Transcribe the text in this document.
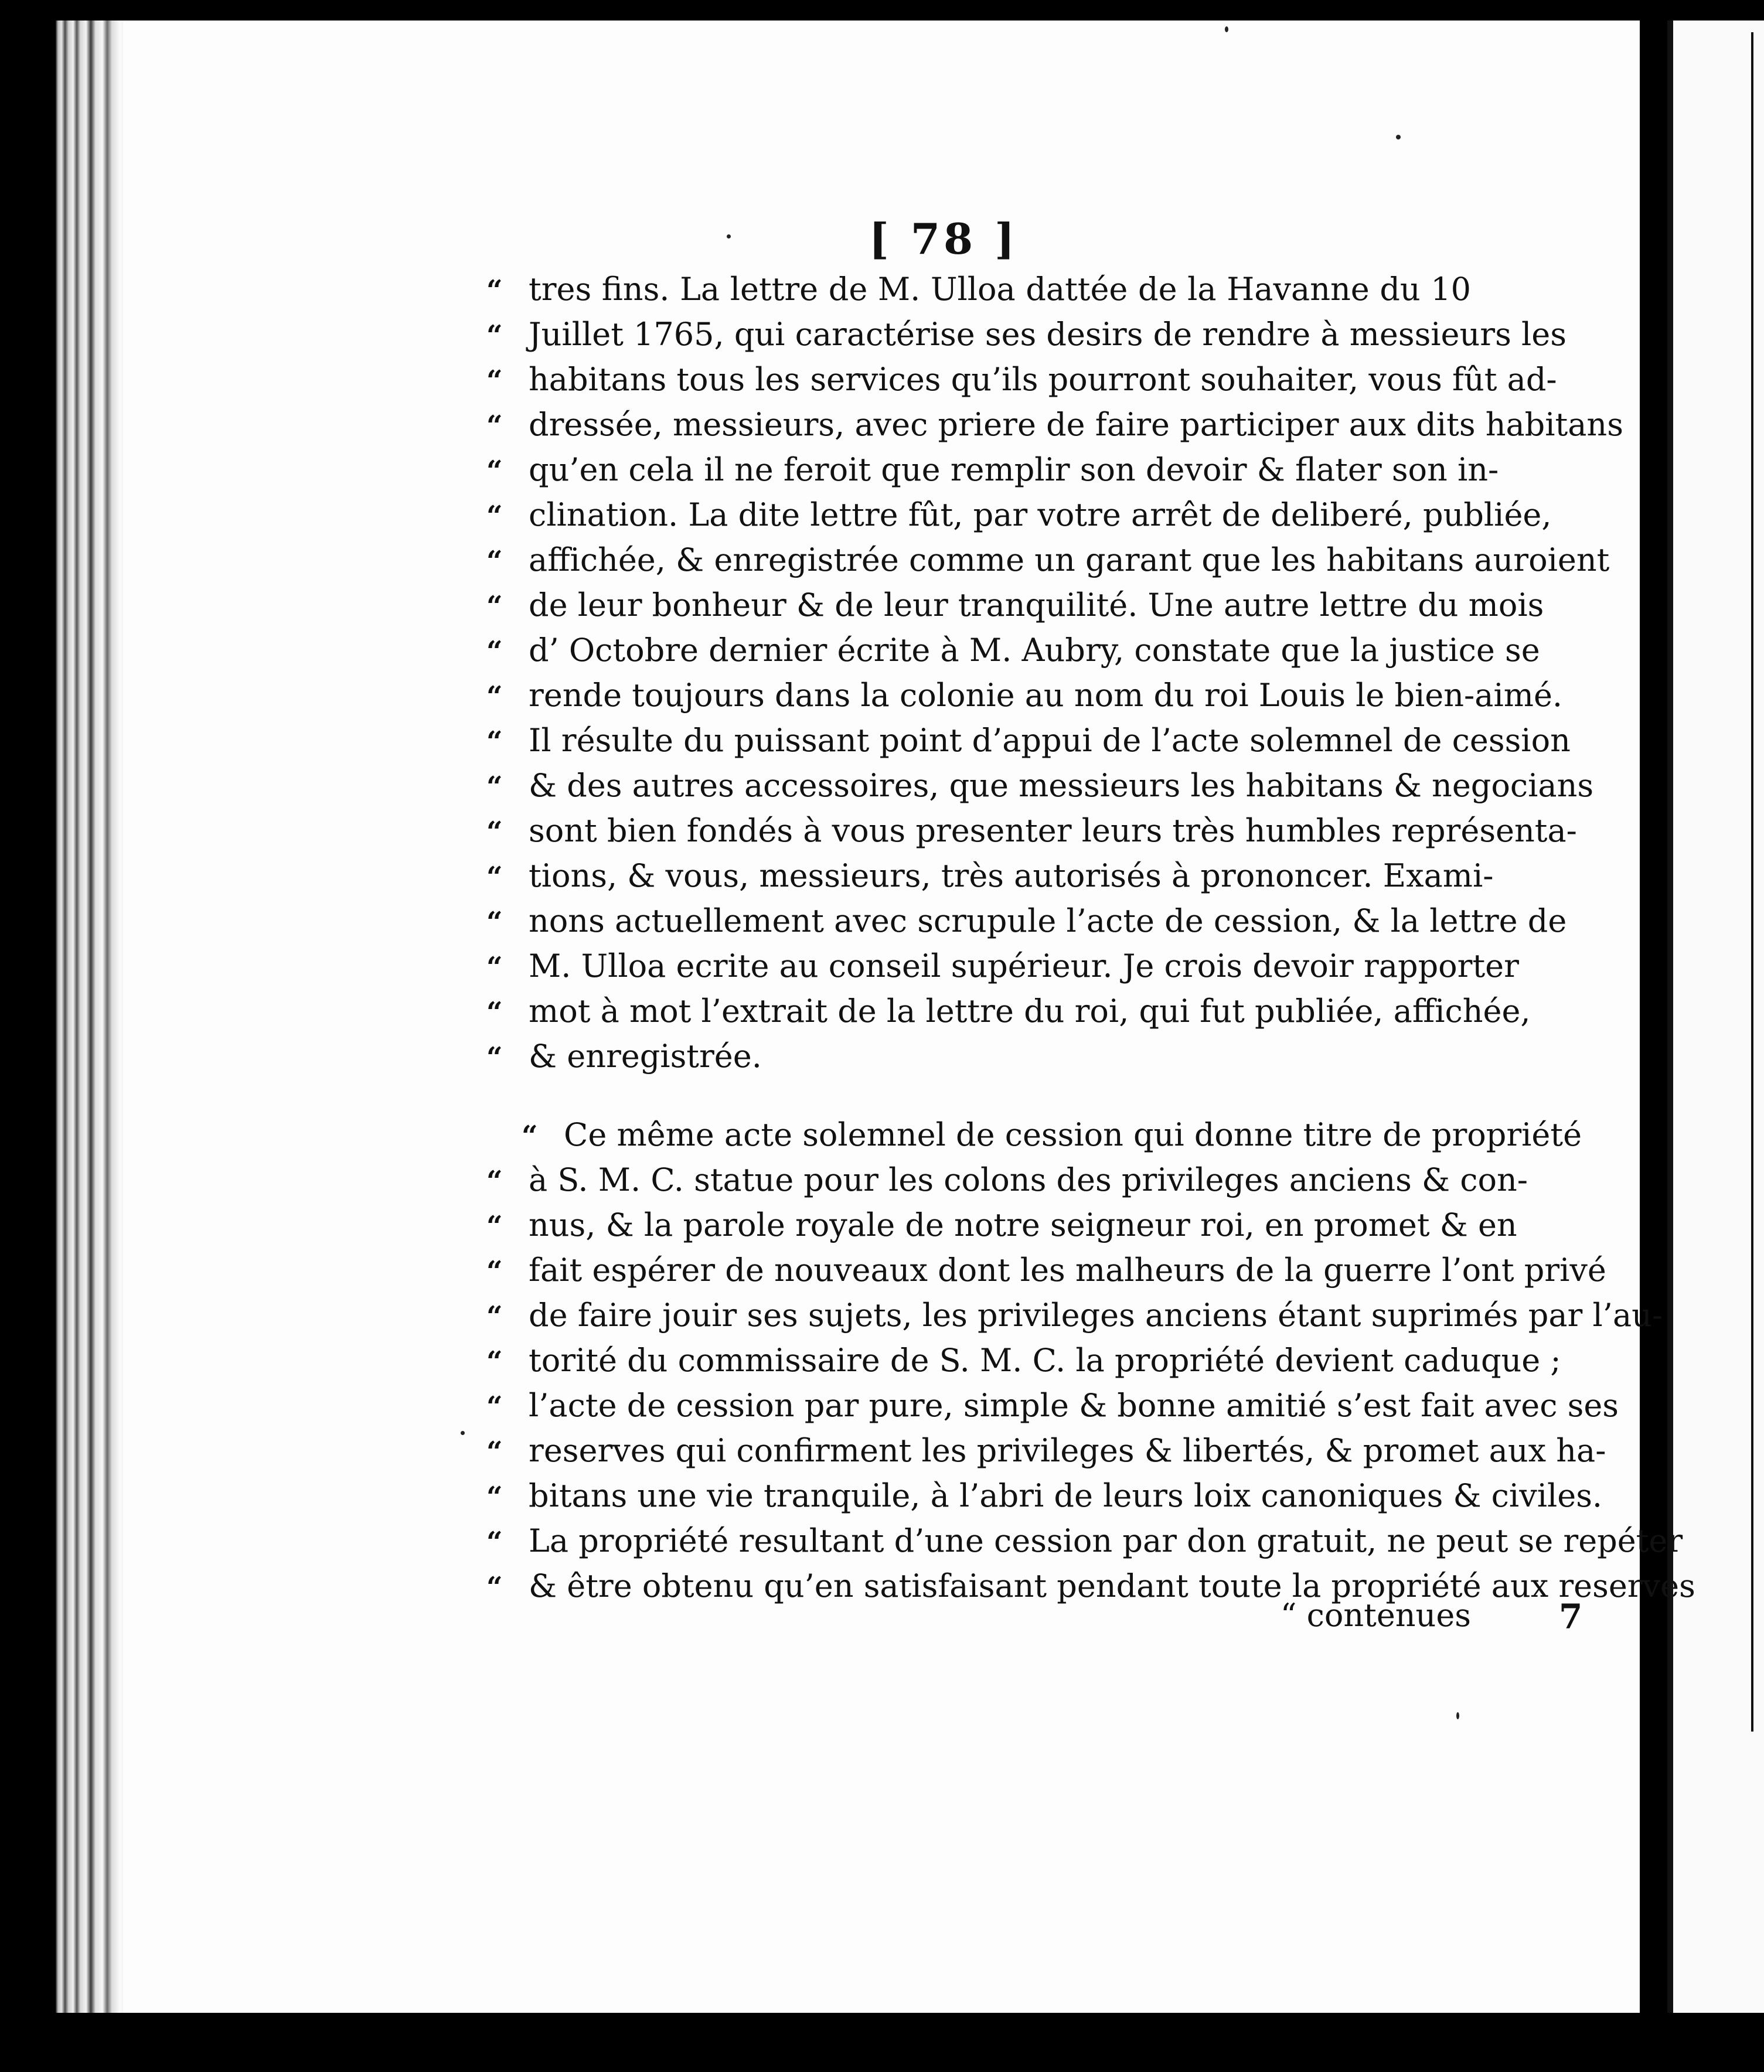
[ 78 ]
“ tres fins. La lettre de M. Ulloa dattée de la Havanne du 10
“ Juillet 1765, qui caractérise ses desirs de rendre à messieurs les
“ habitans tous les services qu’ils pourront souhaiter, vous fût ad-
“ dressée, messieurs, avec priere de faire participer aux dits habitans
“ qu’en cela il ne feroit que remplir son devoir & flater son in-
“ clination. La dite lettre fût, par votre arrêt de deliberé, publiée,
“ affichée, & enregistrée comme un garant que les habitans auroient
“ de leur bonheur & de leur tranquilité. Une autre lettre du mois
“ d’ Octobre dernier écrite à M. Aubry, constate que la justice se
“ rende toujours dans la colonie au nom du roi Louis le bien-aimé.
“ Il résulte du puissant point d’appui de l’acte solemnel de cession
“ & des autres accessoires, que messieurs les habitans & negocians
“ sont bien fondés à vous presenter leurs très humbles représenta-
“ tions, & vous, messieurs, très autorisés à prononcer. Exami-
“ nons actuellement avec scrupule l’acte de cession, & la lettre de
“ M. Ulloa ecrite au conseil supérieur. Je crois devoir rapporter
“ mot à mot l’extrait de la lettre du roi, qui fut publiée, affichée,
“ & enregistrée.
“ Ce même acte solemnel de cession qui donne titre de propriété
“ à S. M. C. statue pour les colons des privileges anciens & con-
“ nus, & la parole royale de notre seigneur roi, en promet & en
“ fait espérer de nouveaux dont les malheurs de la guerre l’ont privé
“ de faire jouir ses sujets, les privileges anciens étant suprimés par l’au-
“ torité du commissaire de S. M. C. la propriété devient caduque ;
“ l’acte de cession par pure, simple & bonne amitié s’est fait avec ses
“ reserves qui confirment les privileges & libertés, & promet aux ha-
“ bitans une vie tranquile, à l’abri de leurs loix canoniques & civiles.
“ La propriété resultant d’une cession par don gratuit, ne peut se repéter
“ & être obtenu qu’en satisfaisant pendant toute la propriété aux reserves
7
“ contenues
